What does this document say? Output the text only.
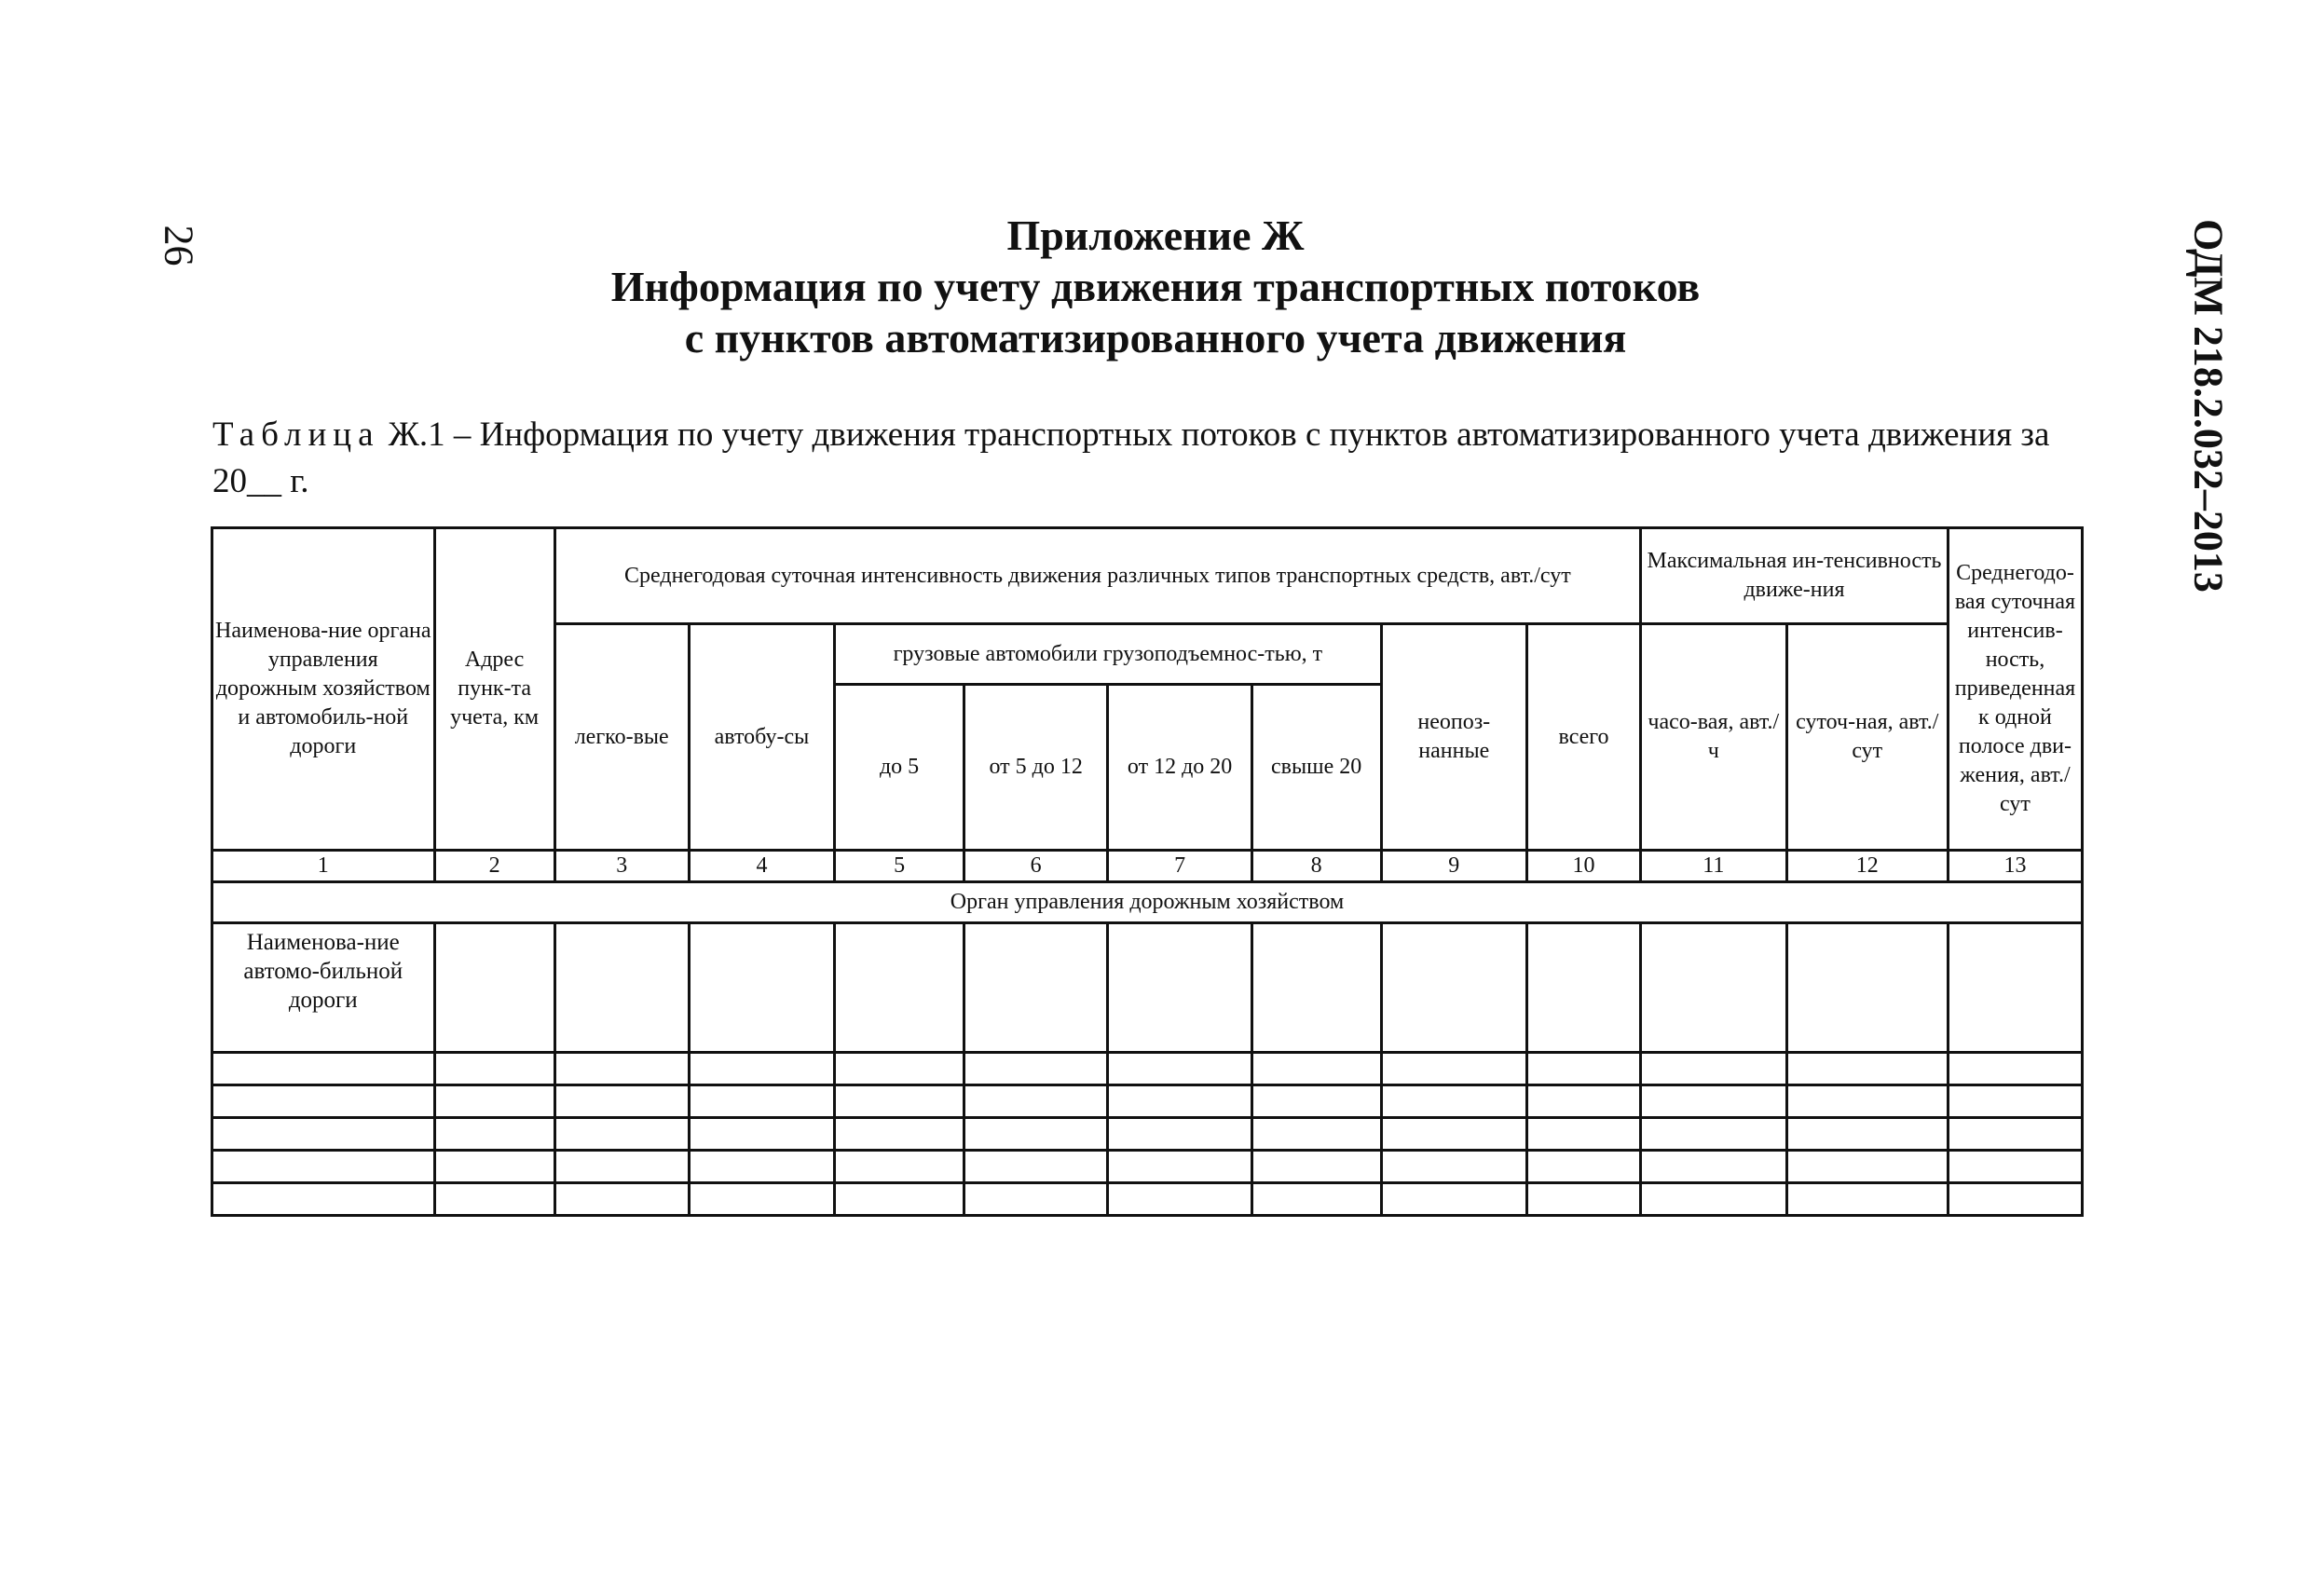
26	ОДМ 218.2.032–2013
Приложение Ж
Информация по учету движения транспортных потоков
с пунктов автоматизированного учета движения
Таблица Ж.1 – Информация по учету движения транспортных потоков с пунктов автоматизированного учета движения за 20__ г.
Наименова-ние органа управления дорожным хозяйством и автомобиль-ной дороги	Адрес пунк-та учета, км	Среднегодовая суточная интенсивность движения различных типов транспортных средств, авт./сут								Максимальная ин-тенсивность движе-ния		Среднегодо-вая суточная интенсив-ность, приведенная к одной полосе дви-жения, авт./ сут
		легко-вые	автобу-сы	грузовые автомобили грузоподъемнос-тью, т				неопоз-нанные	всего	часо-вая, авт./ч	суточ-ная, авт./сут	
				до 5	от 5 до 12	от 12 до 20	свыше 20					
1	2	3	4	5	6	7	8	9	10	11	12	13
Орган управления дорожным хозяйством												
Наименова-ние автомо-бильной дороги												
